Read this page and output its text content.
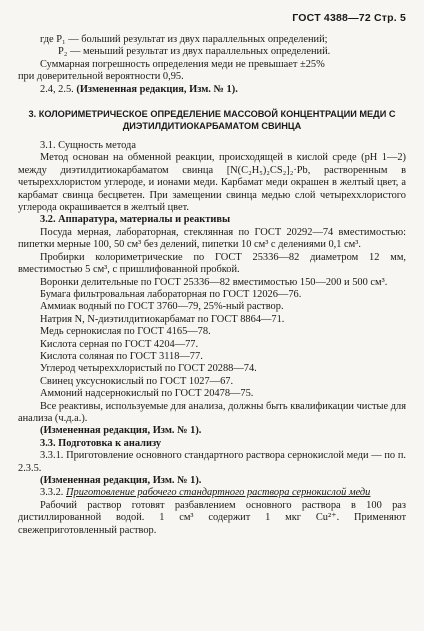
ГОСТ 4388—72 Стр. 5

где P₁ — больший результат из двух параллельных определений;

P₂ — меньший результат из двух параллельных определений.

Суммарная погрешность определения меди не превышает ±25%

при доверительной вероятности 0,95.

2.4, 2.5. (Измененная редакция, Изм. № 1).

3. КОЛОРИМЕТРИЧЕСКОЕ ОПРЕДЕЛЕНИЕ МАССОВОЙ КОНЦЕНТРАЦИИ МЕДИ С ДИЭТИЛДИТИОКАРБАМАТОМ СВИНЦА

3.1. Сущность метода

Метод основан на обменной реакции, происходящей в кислой среде (pH 1—2) между диэтилдитиокарбаматом свинца [N(C₂H₅)₂CS₂]₂·Pb, растворенным в четыреххлористом углероде, и ионами меди. Карбамат меди окрашен в желтый цвет, а карбамат свинца бесцветен. При замещении свинца медью слой четыреххлористого углерода окрашивается в желтый цвет.

3.2. Аппаратура, материалы и реактивы

Посуда мерная, лабораторная, стеклянная по ГОСТ 20292—74 вместимостью: пипетки мерные 100, 50 см³ без делений, пипетки 10 см³ с делениями 0,1 см³.

Пробирки колориметрические по ГОСТ 25336—82 диаметром 12 мм, вместимостью 5 см³, с пришлифованной пробкой.

Воронки делительные по ГОСТ 25336—82 вместимостью 150—200 и 500 см³.

Бумага фильтровальная лабораторная по ГОСТ 12026—76.

Аммиак водный по ГОСТ 3760—79, 25%-ный раствор.

Натрия N, N-диэтилдитиокарбамат по ГОСТ 8864—71.

Медь сернокислая по ГОСТ 4165—78.

Кислота серная по ГОСТ 4204—77.

Кислота соляная по ГОСТ 3118—77.

Углерод четыреххлористый по ГОСТ 20288—74.

Свинец уксуснокислый по ГОСТ 1027—67.

Аммоний надсернокислый по ГОСТ 20478—75.

Все реактивы, используемые для анализа, должны быть квалификации чистые для анализа (ч.д.а.).

(Измененная редакция, Изм. № 1).

3.3. Подготовка к анализу

3.3.1. Приготовление основного стандартного раствора сернокислой меди — по п. 2.3.5.

(Измененная редакция, Изм. № 1).

3.3.2. Приготовление рабочего стандартного раствора сернокислой меди

Рабочий раствор готовят разбавлением основного раствора в 100 раз дистиллированной водой. 1 см³ содержит 1 мкг Cu²⁺. Применяют свежеприготовленный раствор.
